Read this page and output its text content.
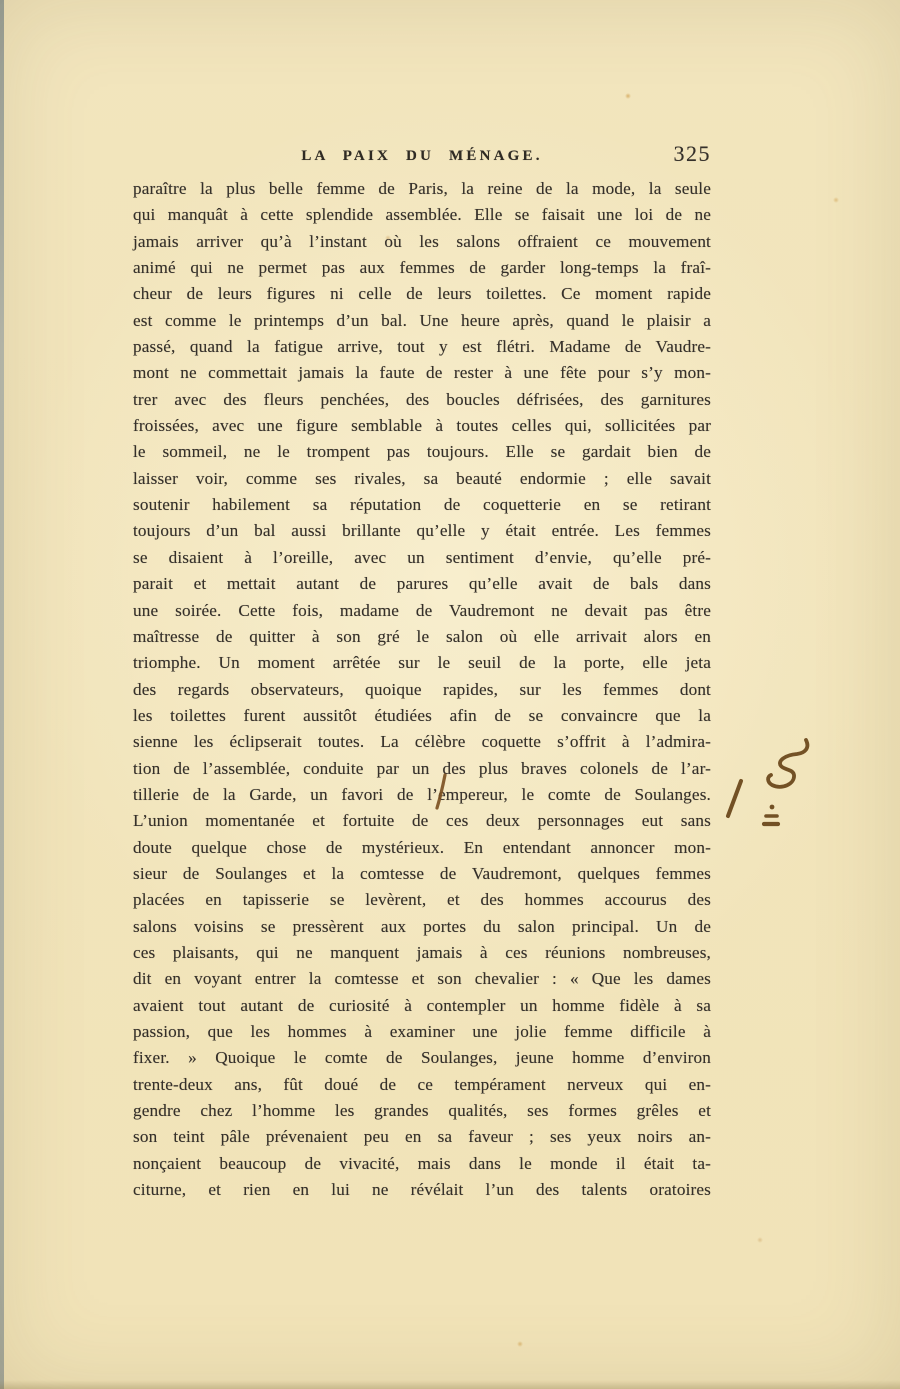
LA PAIX DU MÉNAGE.	325
paraître la plus belle femme de Paris, la reine de la mode, la seule
qui manquât à cette splendide assemblée. Elle se faisait une loi de ne
jamais arriver qu’à l’instant où les salons offraient ce mouvement
animé qui ne permet pas aux femmes de garder long-temps la fraî-
cheur de leurs figures ni celle de leurs toilettes. Ce moment rapide
est comme le printemps d’un bal. Une heure après, quand le plaisir a
passé, quand la fatigue arrive, tout y est flétri. Madame de Vaudre-
mont ne commettait jamais la faute de rester à une fête pour s’y mon-
trer avec des fleurs penchées, des boucles défrisées, des garnitures
froissées, avec une figure semblable à toutes celles qui, sollicitées par
le sommeil, ne le trompent pas toujours. Elle se gardait bien de
laisser voir, comme ses rivales, sa beauté endormie ; elle savait
soutenir habilement sa réputation de coquetterie en se retirant
toujours d’un bal aussi brillante qu’elle y était entrée. Les femmes
se disaient à l’oreille, avec un sentiment d’envie, qu’elle pré-
parait et mettait autant de parures qu’elle avait de bals dans
une soirée. Cette fois, madame de Vaudremont ne devait pas être
maîtresse de quitter à son gré le salon où elle arrivait alors en
triomphe. Un moment arrêtée sur le seuil de la porte, elle jeta
des regards observateurs, quoique rapides, sur les femmes dont
les toilettes furent aussitôt étudiées afin de se convaincre que la
sienne les éclipserait toutes. La célèbre coquette s’offrit à l’admira-
tion de l’assemblée, conduite par un des plus braves colonels de l’ar-
tillerie de la Garde, un favori de l’empereur, le comte de Soulanges.
L’union momentanée et fortuite de ces deux personnages eut sans
doute quelque chose de mystérieux. En entendant annoncer mon-
sieur de Soulanges et la comtesse de Vaudremont, quelques femmes
placées en tapisserie se levèrent, et des hommes accourus des
salons voisins se pressèrent aux portes du salon principal. Un de
ces plaisants, qui ne manquent jamais à ces réunions nombreuses,
dit en voyant entrer la comtesse et son chevalier : « Que les dames
avaient tout autant de curiosité à contempler un homme fidèle à sa
passion, que les hommes à examiner une jolie femme difficile à
fixer. » Quoique le comte de Soulanges, jeune homme d’environ
trente-deux ans, fût doué de ce tempérament nerveux qui en-
gendre chez l’homme les grandes qualités, ses formes grêles et
son teint pâle prévenaient peu en sa faveur ; ses yeux noirs an-
nonçaient beaucoup de vivacité, mais dans le monde il était ta-
citurne, et rien en lui ne révélait l’un des talents oratoires
